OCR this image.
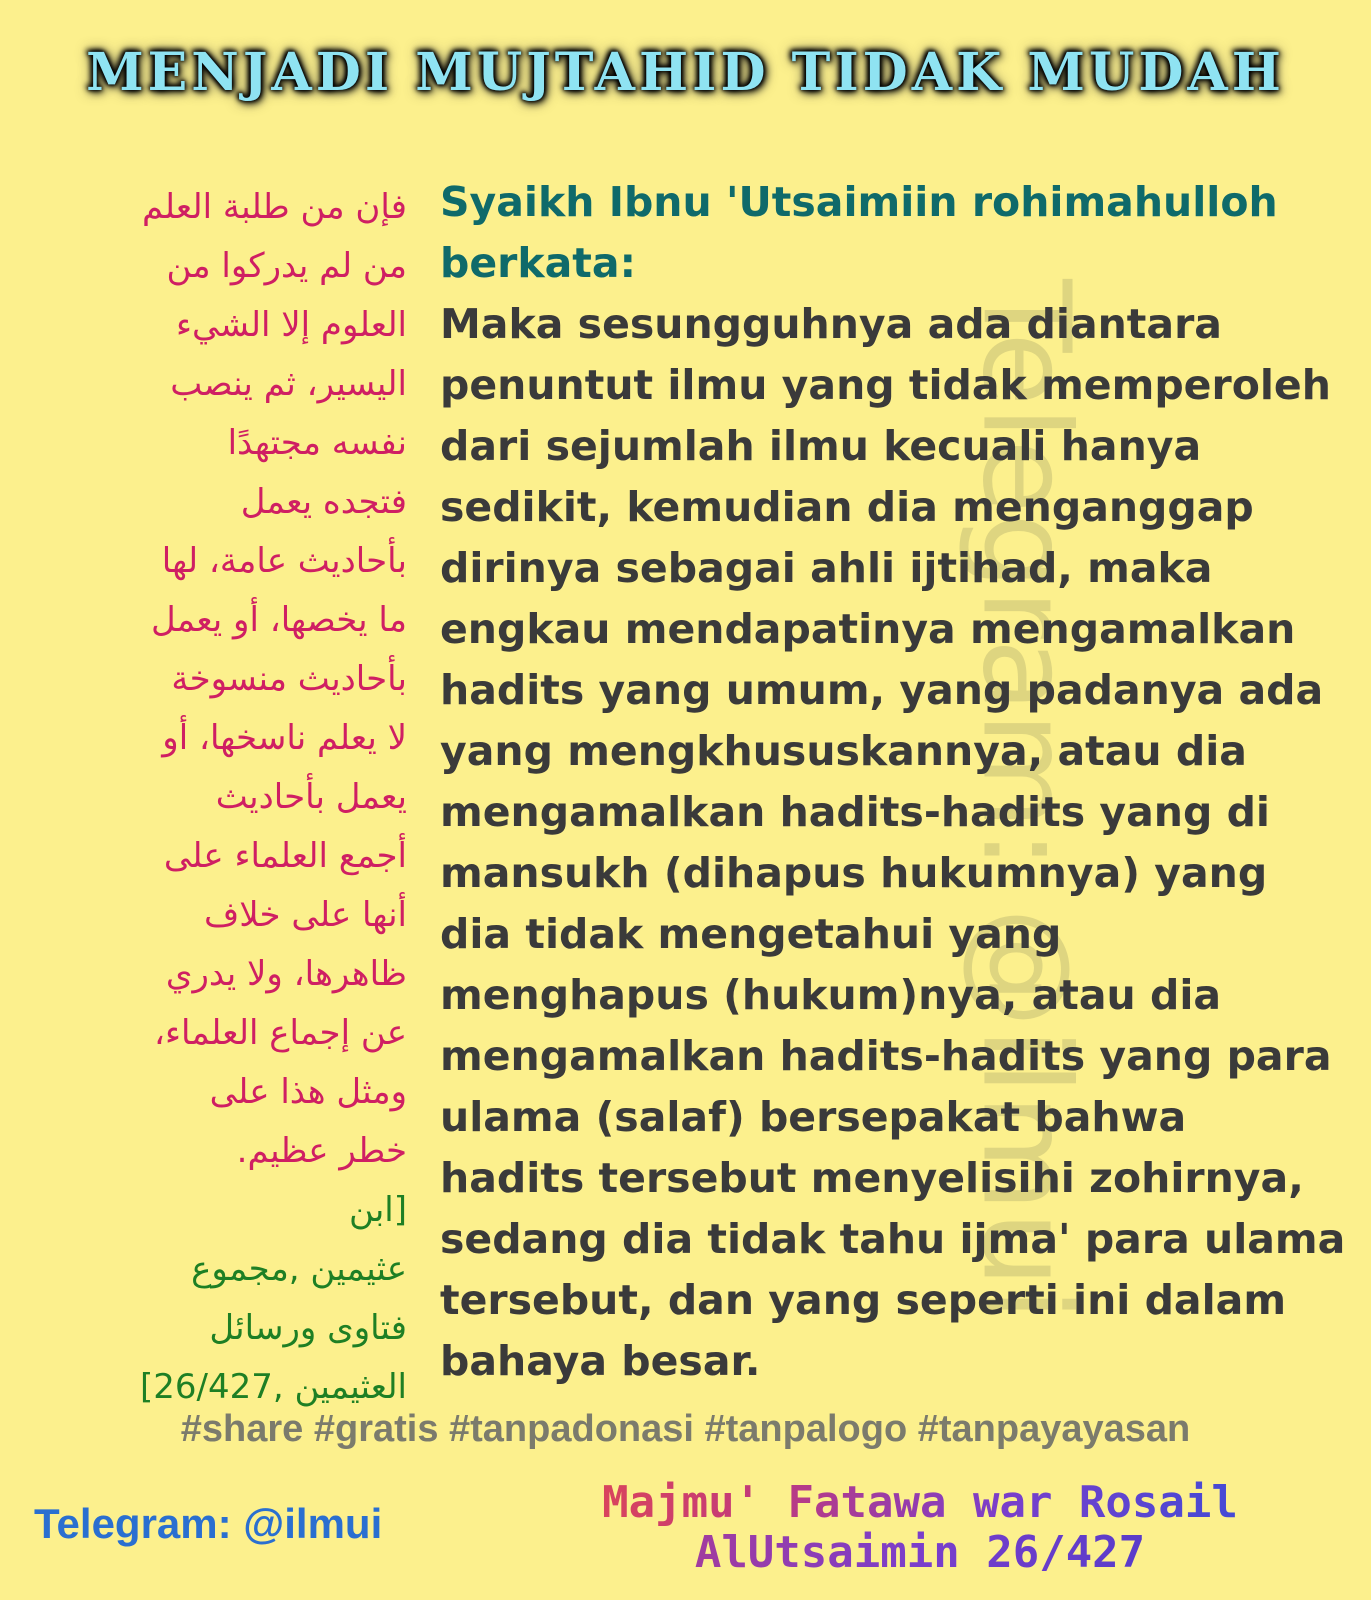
MENJADI MUJTAHID TIDAK MUDAH
Telegram: @ilmui
فإن من طلبة العلم
من لم يدركوا من
العلوم إلا الشيء
اليسير، ثم ينصب
نفسه مجتهدًا
فتجده يعمل
بأحاديث عامة، لها
ما يخصها، أو يعمل
بأحاديث منسوخة
لا يعلم ناسخها، أو
يعمل بأحاديث
أجمع العلماء على
أنها على خلاف
ظاهرها، ولا يدري
عن إجماع العلماء،
ومثل هذا على
خطر عظيم.
[ابن
عثيمين ,مجموع
فتاوى ورسائل
العثيمين ,26/427]
Syaikh Ibnu 'Utsaimiin rohimahulloh
berkata:
Maka sesungguhnya ada diantara
penuntut ilmu yang tidak memperoleh
dari sejumlah ilmu kecuali hanya
sedikit, kemudian dia menganggap
dirinya sebagai ahli ijtihad, maka
engkau mendapatinya mengamalkan
hadits yang umum, yang padanya ada
yang mengkhususkannya, atau dia
mengamalkan hadits-hadits yang di
mansukh (dihapus hukumnya) yang
dia tidak mengetahui yang
menghapus (hukum)nya, atau dia
mengamalkan hadits-hadits yang para
ulama (salaf) bersepakat bahwa
hadits tersebut menyelisihi zohirnya,
sedang dia tidak tahu ijma' para ulama
tersebut, dan yang seperti ini dalam
bahaya besar.
#share #gratis #tanpadonasi #tanpalogo #tanpayayasan
Telegram: @ilmui	Majmu' Fatawa war Rosail
AlUtsaimin 26/427
